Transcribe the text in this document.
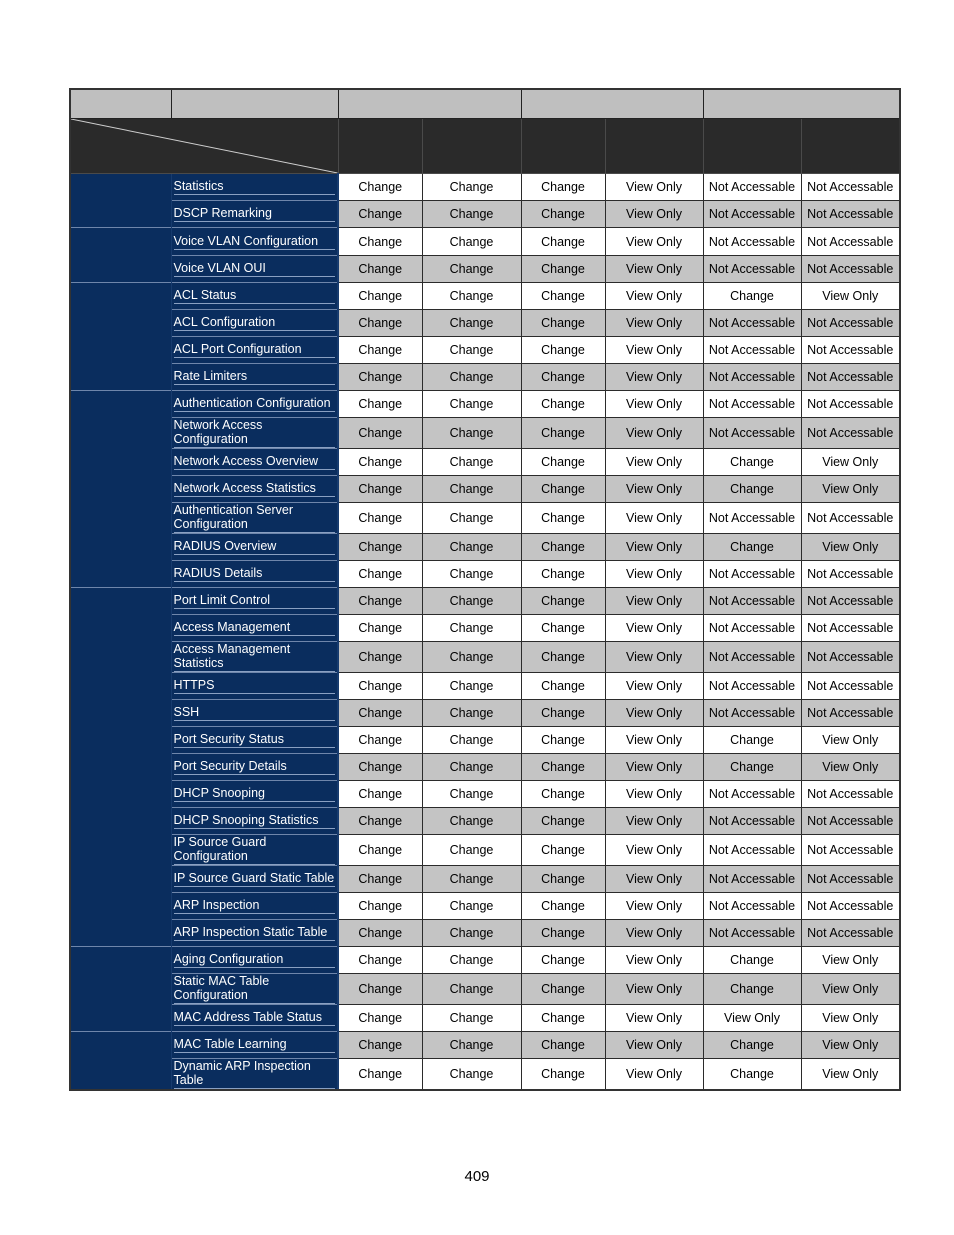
	Statistics	Change	Change	Change	View Only	Not Accessable	Not Accessable

	DSCP Remarking	Change	Change	Change	View Only	Not Accessable	Not Accessable

	Voice VLAN Configuration	Change	Change	Change	View Only	Not Accessable	Not Accessable

	Voice VLAN OUI	Change	Change	Change	View Only	Not Accessable	Not Accessable

	ACL Status	Change	Change	Change	View Only	Change	View Only

	ACL Configuration	Change	Change	Change	View Only	Not Accessable	Not Accessable

	ACL Port Configuration	Change	Change	Change	View Only	Not Accessable	Not Accessable

	Rate Limiters	Change	Change	Change	View Only	Not Accessable	Not Accessable

	Authentication Configuration	Change	Change	Change	View Only	Not Accessable	Not Accessable

	Network Access Configuration	Change	Change	Change	View Only	Not Accessable	Not Accessable

	Network Access Overview	Change	Change	Change	View Only	Change	View Only

	Network Access Statistics	Change	Change	Change	View Only	Change	View Only

	Authentication Server Configuration	Change	Change	Change	View Only	Not Accessable	Not Accessable

	RADIUS Overview	Change	Change	Change	View Only	Change	View Only

	RADIUS Details	Change	Change	Change	View Only	Not Accessable	Not Accessable

	Port Limit Control	Change	Change	Change	View Only	Not Accessable	Not Accessable

	Access Management	Change	Change	Change	View Only	Not Accessable	Not Accessable

	Access Management Statistics	Change	Change	Change	View Only	Not Accessable	Not Accessable

	HTTPS	Change	Change	Change	View Only	Not Accessable	Not Accessable

	SSH	Change	Change	Change	View Only	Not Accessable	Not Accessable

	Port Security Status	Change	Change	Change	View Only	Change	View Only

	Port Security Details	Change	Change	Change	View Only	Change	View Only

	DHCP Snooping	Change	Change	Change	View Only	Not Accessable	Not Accessable

	DHCP Snooping Statistics	Change	Change	Change	View Only	Not Accessable	Not Accessable

	IP Source Guard Configuration	Change	Change	Change	View Only	Not Accessable	Not Accessable

	IP Source Guard Static Table	Change	Change	Change	View Only	Not Accessable	Not Accessable

	ARP Inspection	Change	Change	Change	View Only	Not Accessable	Not Accessable

	ARP Inspection Static Table	Change	Change	Change	View Only	Not Accessable	Not Accessable

	Aging Configuration	Change	Change	Change	View Only	Change	View Only

	Static MAC Table Configuration	Change	Change	Change	View Only	Change	View Only

	MAC Address Table Status	Change	Change	Change	View Only	View Only	View Only

	MAC Table Learning	Change	Change	Change	View Only	Change	View Only

	Dynamic ARP Inspection Table	Change	Change	Change	View Only	Change	View Only
409
